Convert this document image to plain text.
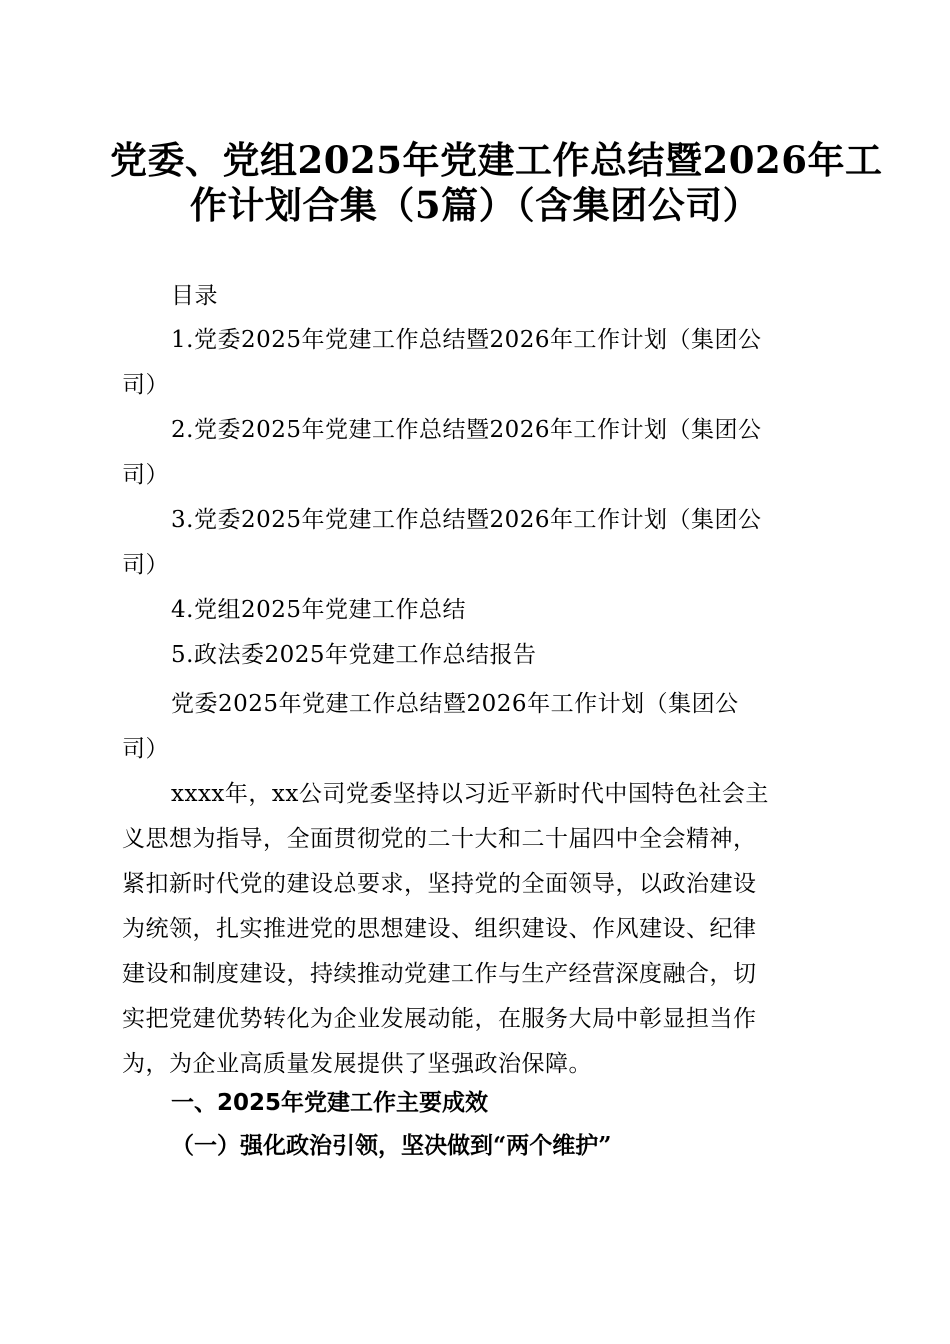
党委、党组2025年党建工作总结暨2026年工
作计划合集（5篇）（含集团公司）
目录
1.党委2025年党建工作总结暨2026年工作计划（集团公
司）
2.党委2025年党建工作总结暨2026年工作计划（集团公
司）
3.党委2025年党建工作总结暨2026年工作计划（集团公
司）
4.党组2025年党建工作总结
5.政法委2025年党建工作总结报告
党委2025年党建工作总结暨2026年工作计划（集团公
司）
xxxx年，xx公司党委坚持以习近平新时代中国特色社会主
义思想为指导，全面贯彻党的二十大和二十届四中全会精神，
紧扣新时代党的建设总要求，坚持党的全面领导，以政治建设
为统领，扎实推进党的思想建设、组织建设、作风建设、纪律
建设和制度建设，持续推动党建工作与生产经营深度融合，切
实把党建优势转化为企业发展动能，在服务大局中彰显担当作
为，为企业高质量发展提供了坚强政治保障。
一、2025年党建工作主要成效
（一）强化政治引领，坚决做到“两个维护”
